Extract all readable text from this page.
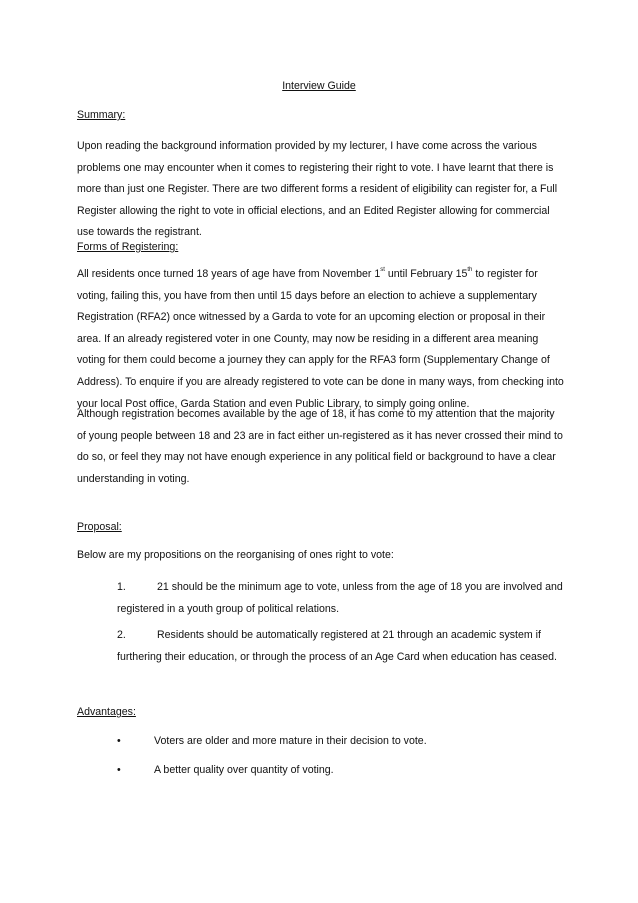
Interview Guide
Summary:

Upon reading the background information provided by my lecturer, I have come across the various problems one may encounter when it comes to registering their right to vote. I have learnt that there is more than just one Register. There are two different forms a resident of eligibility can register for, a Full Register allowing the right to vote in official elections, and an Edited Register allowing for commercial use towards the registrant.

Forms of Registering:

All residents once turned 18 years of age have from November 1st until February 15th to register for voting, failing this, you have from then until 15 days before an election to achieve a supplementary Registration (RFA2) once witnessed by a Garda to vote for an upcoming election or proposal in their area. If an already registered voter in one County, may now be residing in a different area meaning voting for them could become a journey they can apply for the RFA3 form (Supplementary Change of Address). To enquire if you are already registered to vote can be done in many ways, from checking into your local Post office, Garda Station and even Public Library, to simply going online.

Although registration becomes available by the age of 18, it has come to my attention that the majority of young people between 18 and 23 are in fact either un-registered as it has never crossed their mind to do so, or feel they may not have enough experience in any political field or background to have a clear understanding in voting.

Proposal:

Below are my propositions on the reorganising of ones right to vote:

1.	21 should be the minimum age to vote, unless from the age of 18 you are involved and registered in a youth group of political relations.

2.	Residents should be automatically registered at 21 through an academic system if furthering their education, or through the process of an Age Card when education has ceased.

Advantages:

•	Voters are older and more mature in their decision to vote.

•	A better quality over quantity of voting.
